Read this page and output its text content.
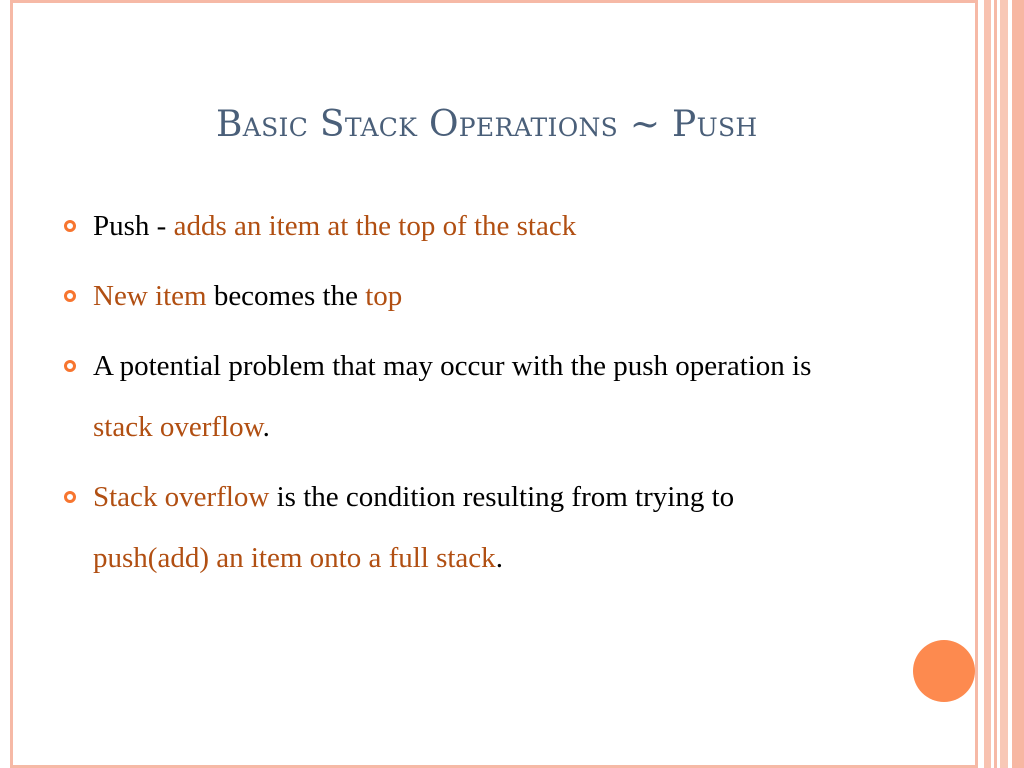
Basic Stack Operations ~ Push
Push - adds an item at the top of the stack
New item becomes the top
A potential problem that may occur with the push operation is stack overflow.
Stack overflow is the condition resulting from trying to push(add) an item onto a full stack.
